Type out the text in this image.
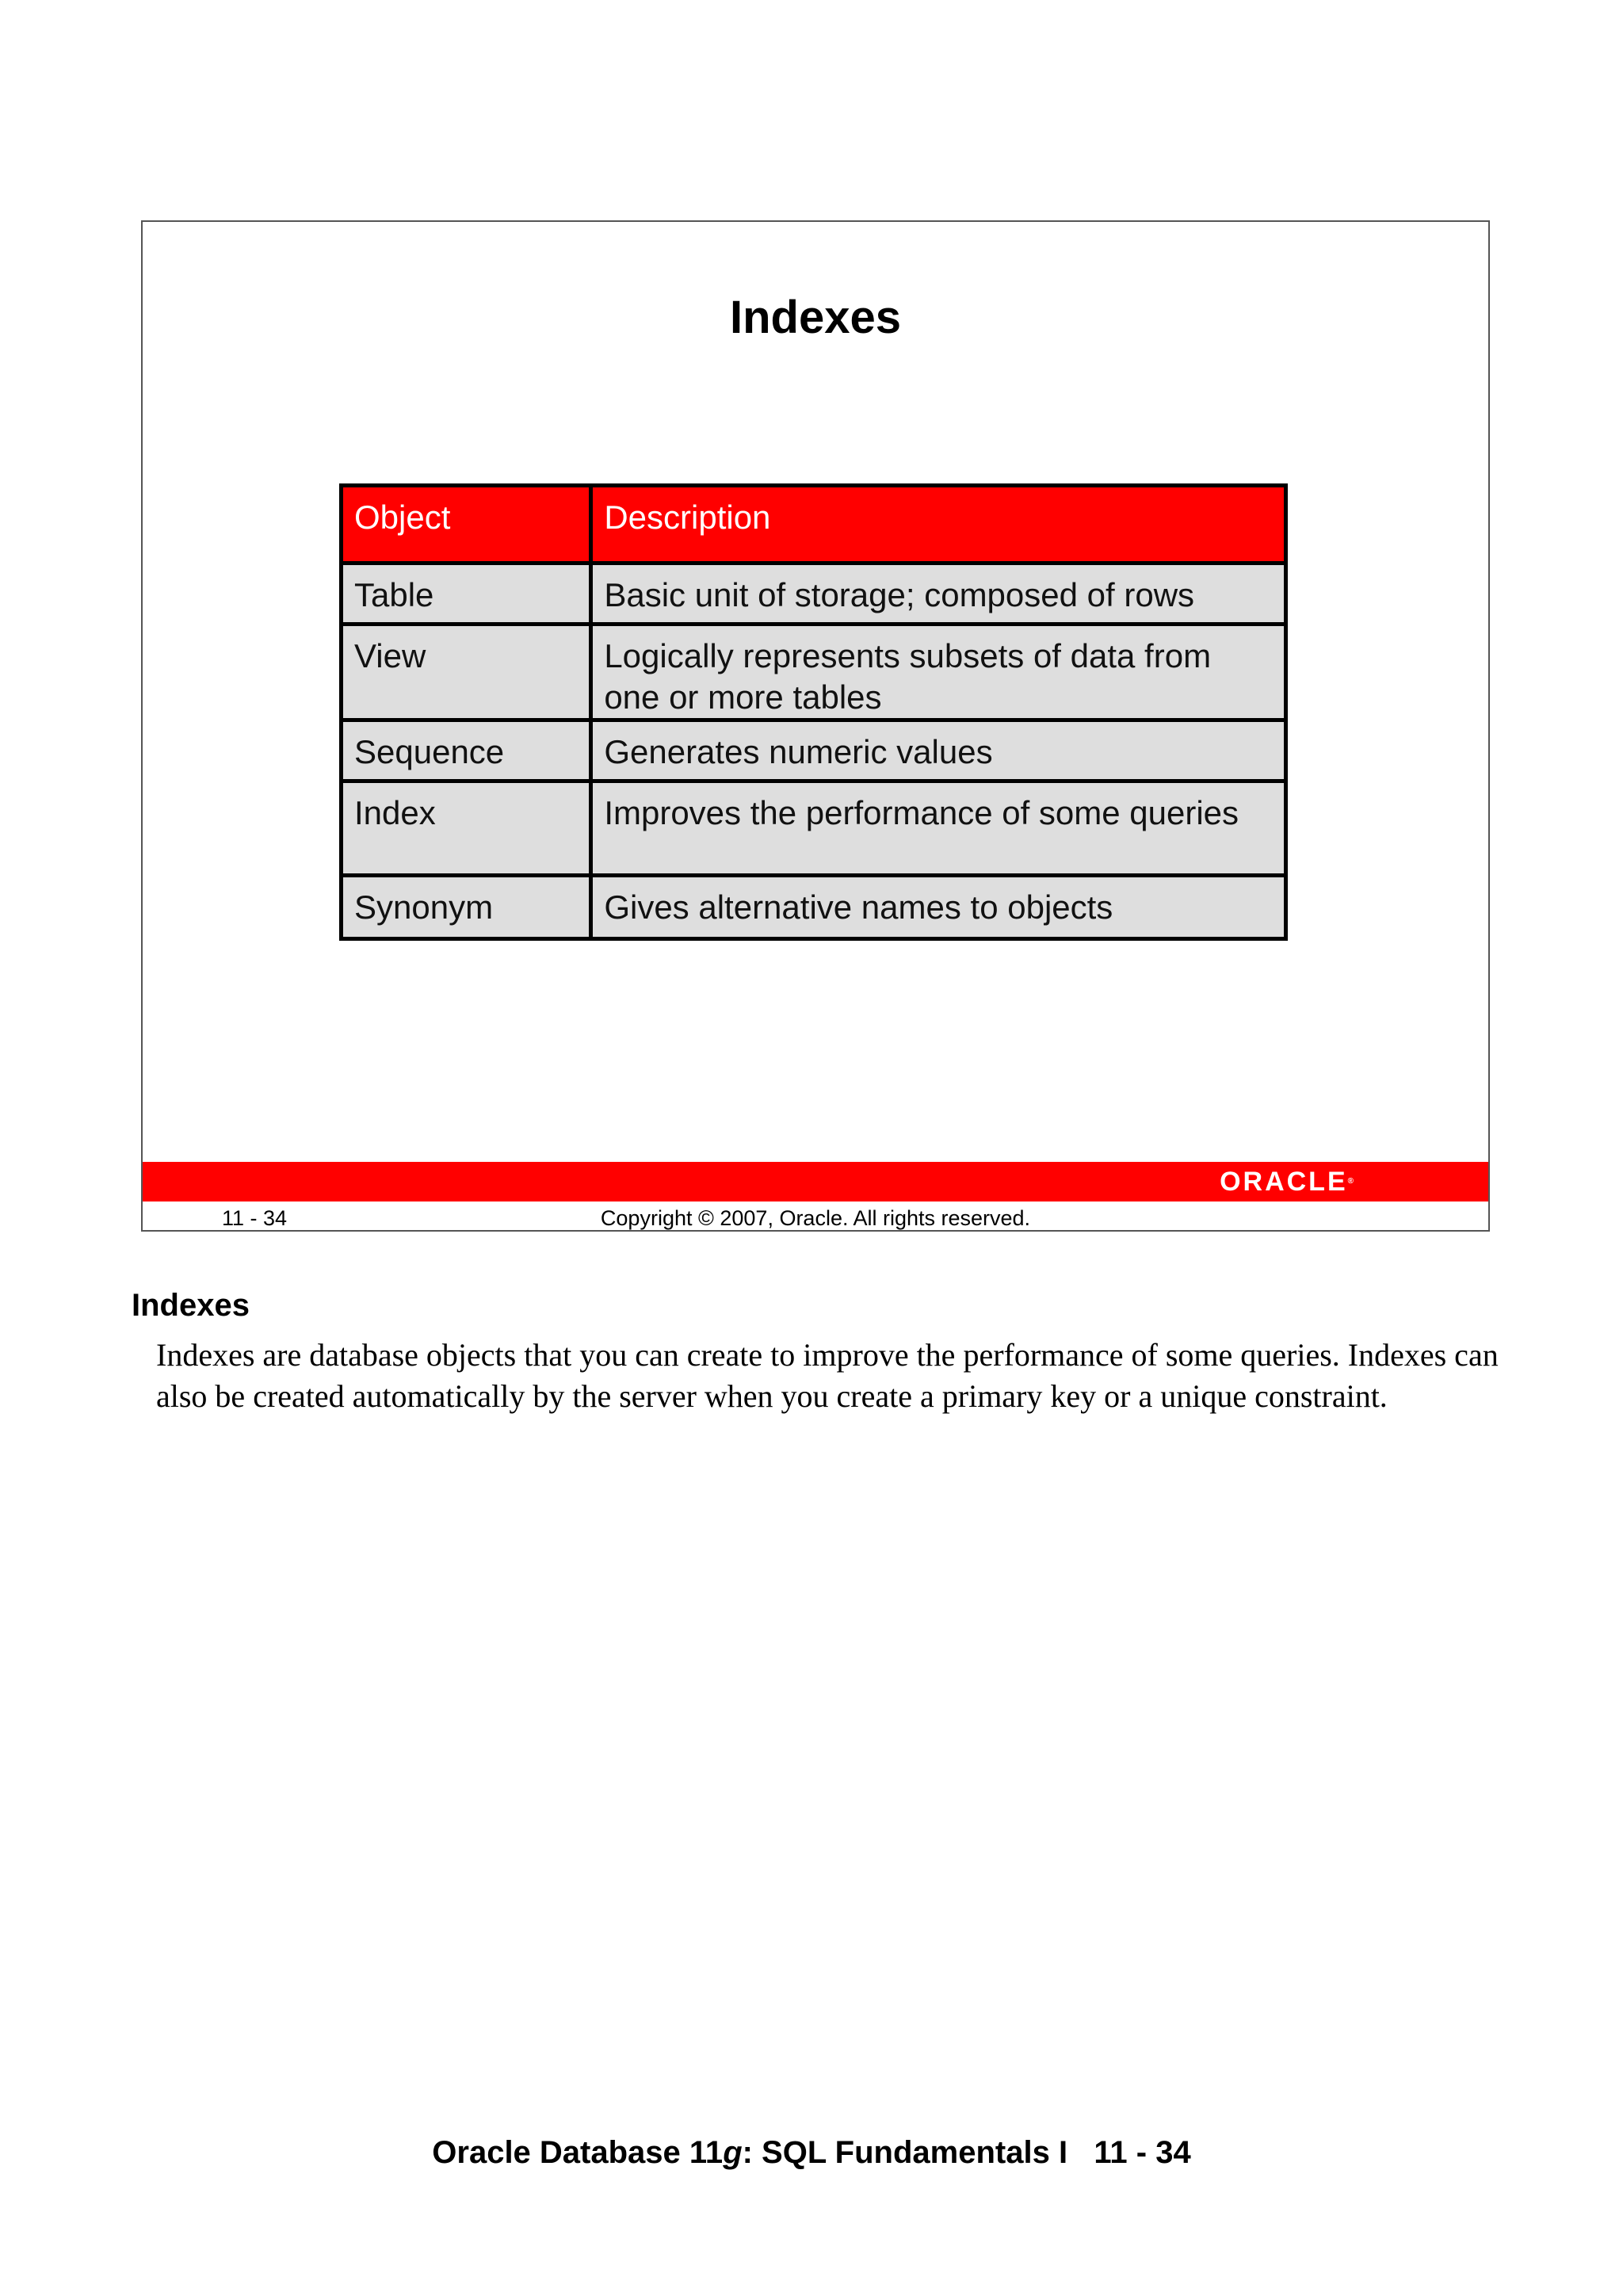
Indexes
Object	Description
Table	Basic unit of storage; composed of rows
View	Logically represents subsets of data from one or more tables
Sequence	Generates numeric values
Index	Improves the performance of some queries
Synonym	Gives alternative names to objects
ORACLE®
11 - 34	Copyright © 2007, Oracle. All rights reserved.
Indexes
Indexes are database objects that you can create to improve the performance of some queries. Indexes can also be created automatically by the server when you create a primary key or a unique constraint.
Oracle Database 11g: SQL Fundamentals I   11 - 34
